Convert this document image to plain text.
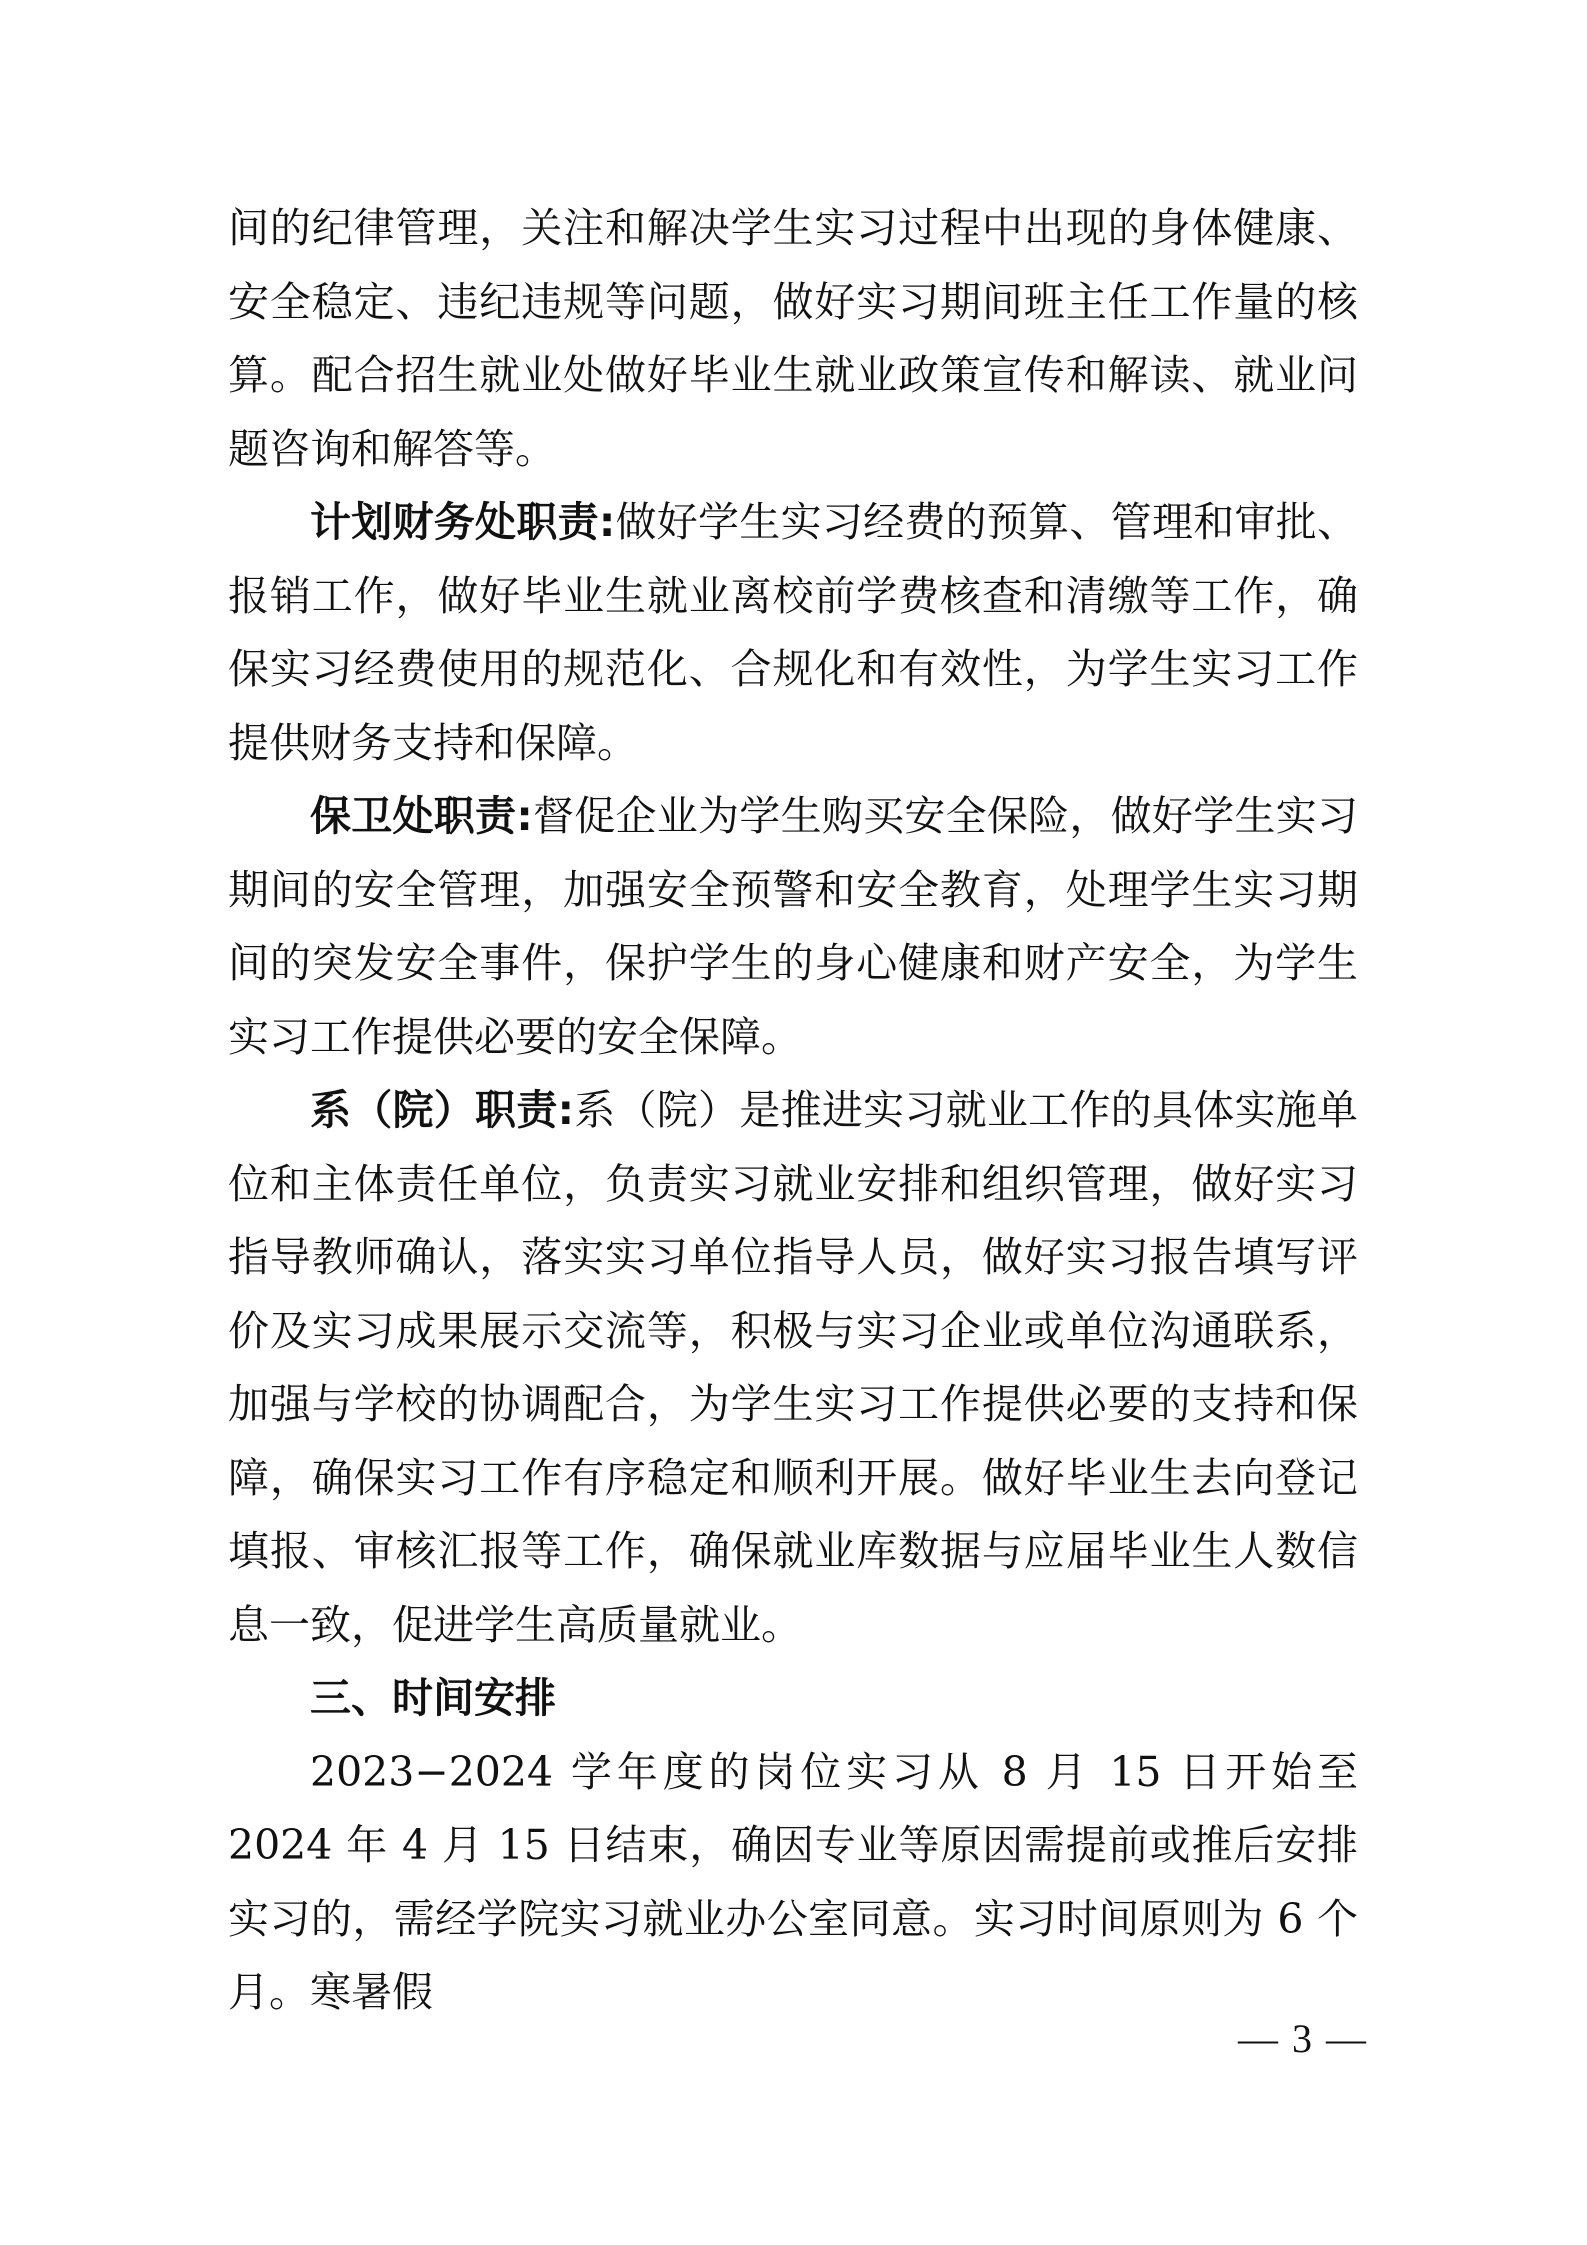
间的纪律管理，关注和解决学生实习过程中出现的身体健康、安全稳定、违纪违规等问题，做好实习期间班主任工作量的核算。配合招生就业处做好毕业生就业政策宣传和解读、就业问题咨询和解答等。

计划财务处职责:做好学生实习经费的预算、管理和审批、报销工作，做好毕业生就业离校前学费核查和清缴等工作，确保实习经费使用的规范化、合规化和有效性，为学生实习工作提供财务支持和保障。

保卫处职责:督促企业为学生购买安全保险，做好学生实习期间的安全管理，加强安全预警和安全教育，处理学生实习期间的突发安全事件，保护学生的身心健康和财产安全，为学生实习工作提供必要的安全保障。

系（院）职责:系（院）是推进实习就业工作的具体实施单位和主体责任单位，负责实习就业安排和组织管理，做好实习指导教师确认，落实实习单位指导人员，做好实习报告填写评价及实习成果展示交流等，积极与实习企业或单位沟通联系，加强与学校的协调配合，为学生实习工作提供必要的支持和保障，确保实习工作有序稳定和顺利开展。做好毕业生去向登记填报、审核汇报等工作，确保就业库数据与应届毕业生人数信息一致，促进学生高质量就业。

三、时间安排

2023−2024 学年度的岗位实习从 8 月 15 日开始至 2024 年 4 月 15 日结束，确因专业等原因需提前或推后安排实习的，需经学院实习就业办公室同意。实习时间原则为 6 个月。寒暑假

— 3 —
